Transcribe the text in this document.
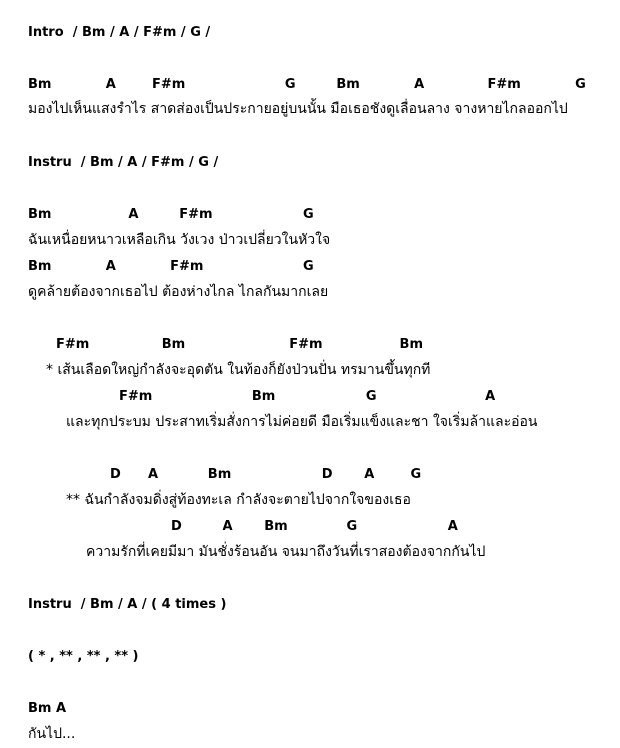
Intro  / Bm / A / F#m / G /
Bm            A        F#m                      G         Bm            A              F#m            G
มองไปเห็นแสงรำไร สาดส่องเป็นประกายอยู่บนนั้น มือเธอชังดูเลื่อนลาง จางหายไกลออกไป
Instru  / Bm / A / F#m / G /
Bm                 A         F#m                    G
ฉันเหนื่อยหนาวเหลือเกิน วังเวง ป่าวเปลี่ยวในหัวใจ
Bm            A            F#m                      G
ดูคล้ายต้องจากเธอไป ต้องห่างไกล ไกลกันมากเลย
F#m                Bm                       F#m                 Bm
* เส้นเลือดใหญ่กำลังจะอุดตัน ในท้องก็ยังป่วนปั่น ทรมานขึ้นทุกที
F#m                      Bm                    G                        A
และทุกประบม ประสาทเริ่มสั่งการไม่ค่อยดี มือเริ่มแข็งและชา ใจเริ่มล้าและอ่อน
D      A           Bm                    D       A        G
** ฉันกำลังจมดิ่งสู่ท้องทะเล กำลังจะตายไปจากใจของเธอ
D         A       Bm             G                    A
ความรักที่เคยมีมา มันชั่งร้อนอัน จนมาถึงวันที่เราสองต้องจากกันไป
Instru  / Bm / A / ( 4 times )
( * , ** , ** , ** )
Bm A
กันไป...
